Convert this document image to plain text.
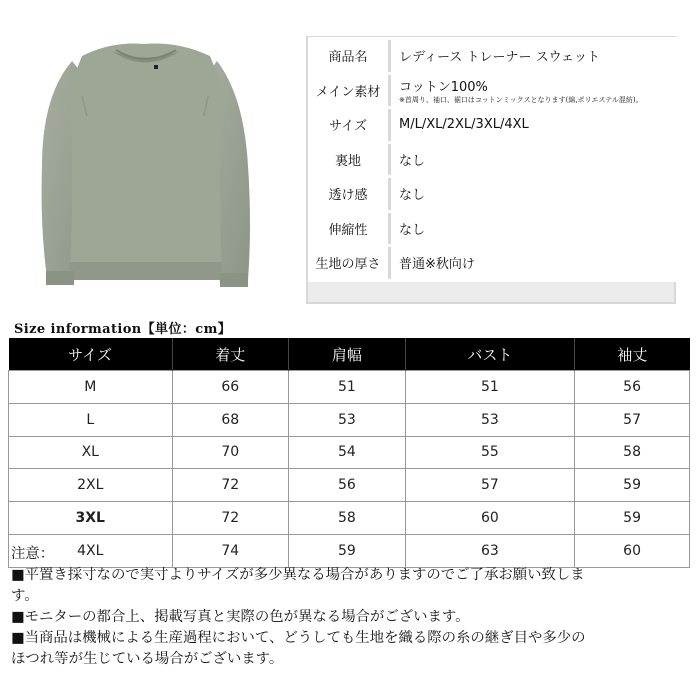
商品名	レディース トレーナー スウェット
メイン素材	コットン100%
※首周り、袖口、裾口はコットンミックスとなります(綿,ポリエステル混紡)。

サイズ	M/L/XL/2XL/3XL/4XL
裏地	なし
透け感	なし
伸縮性	なし
生地の厚さ	普通※秋向け
Size information【単位：cm】
サイズ	着丈	肩幅	バスト	袖丈
M	66	51	51	56
L	68	53	53	57
XL	70	54	55	58
2XL	72	56	57	59
3XL	72	58	60	59
4XL	74	59	63	60
注意：
■平置き採寸なので実寸よりサイズが多少異なる場合がありますのでご了承お願い致しま
す。
■モニターの都合上、掲載写真と実際の色が異なる場合がございます。
■当商品は機械による生産過程において、どうしても生地を織る際の糸の継ぎ目や多少の
ほつれ等が生じている場合がございます。
